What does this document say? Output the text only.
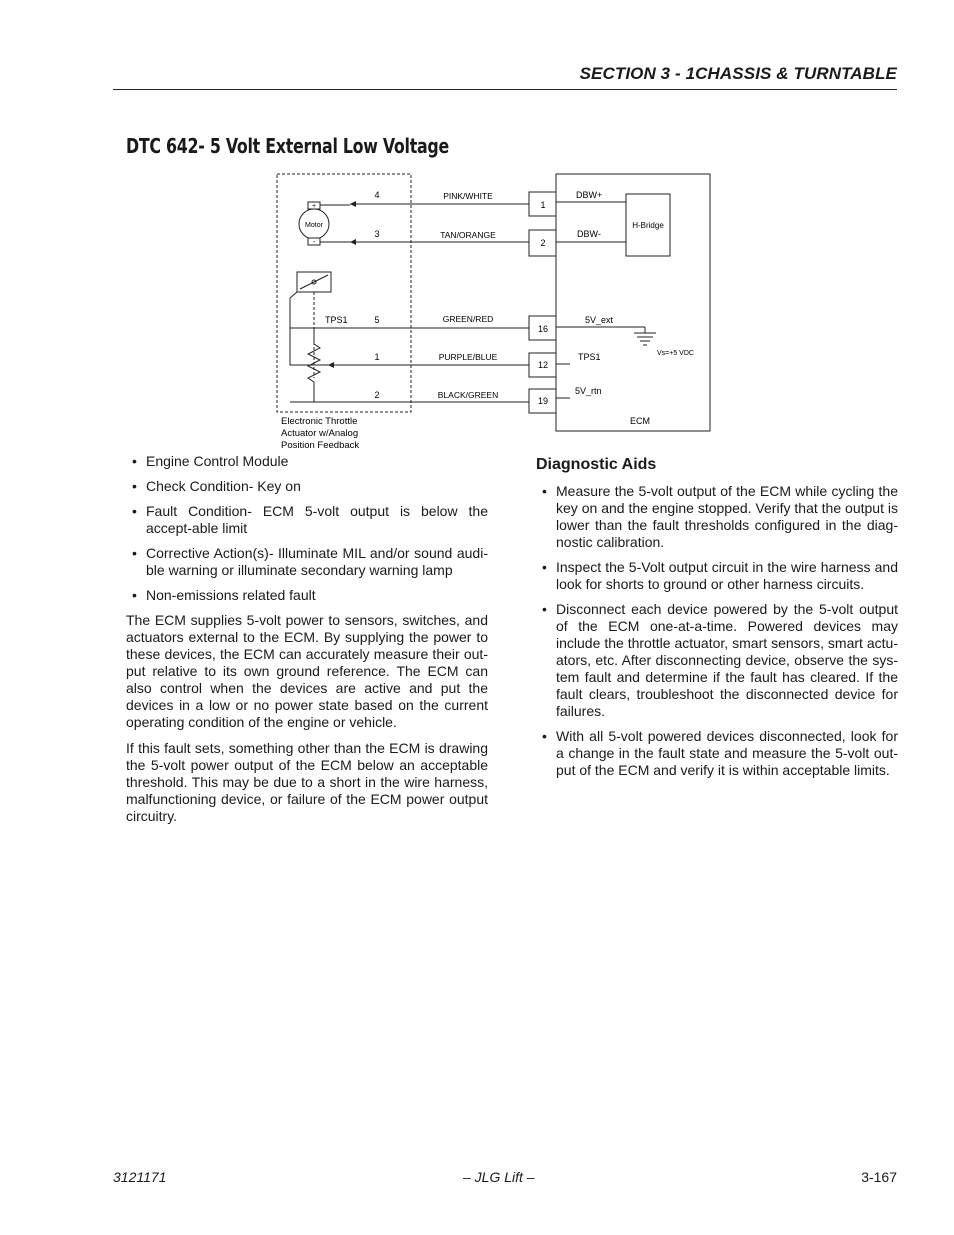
SECTION 3 - 1CHASSIS & TURNTABLE
DTC 642- 5 Volt External Low Voltage
H-Bridge
1
2
16
12
19
DBW+
DBW-
5V_ext
TPS1
5V_rtn
Vs=+5 VDC
ECM
4
3
5
1
2
PINK/WHITE
TAN/ORANGE
GREEN/RED
PURPLE/BLUE
BLACK/GREEN
Motor
+
-
TPS1
Electronic Throttle
Actuator w/Analog
Position Feedback
• Engine Control Module
• Check Condition- Key on
• Fault Condition- ECM 5-volt output is below the accept-able limit
• Corrective Action(s)- Illuminate MIL and/or sound audi-ble warning or illuminate secondary warning lamp
• Non-emissions related fault

The ECM supplies 5-volt power to sensors, switches, and actuators external to the ECM. By supplying the power to these devices, the ECM can accurately measure their out-put relative to its own ground reference. The ECM can also control when the devices are active and put the devices in a low or no power state based on the current operating condition of the engine or vehicle.

If this fault sets, something other than the ECM is drawing the 5-volt power output of the ECM below an acceptable threshold. This may be due to a short in the wire harness, malfunctioning device, or failure of the ECM power output circuitry.

Diagnostic Aids
• Measure the 5-volt output of the ECM while cycling the key on and the engine stopped. Verify that the output is lower than the fault thresholds configured in the diag-nostic calibration.
• Inspect the 5-Volt output circuit in the wire harness and look for shorts to ground or other harness circuits.
• Disconnect each device powered by the 5-volt output of the ECM one-at-a-time. Powered devices may include the throttle actuator, smart sensors, smart actu-ators, etc. After disconnecting device, observe the sys-tem fault and determine if the fault has cleared. If the fault clears, troubleshoot the disconnected device for failures.
• With all 5-volt powered devices disconnected, look for a change in the fault state and measure the 5-volt out-put of the ECM and verify it is within acceptable limits.
3121171	– JLG Lift –	3-167
